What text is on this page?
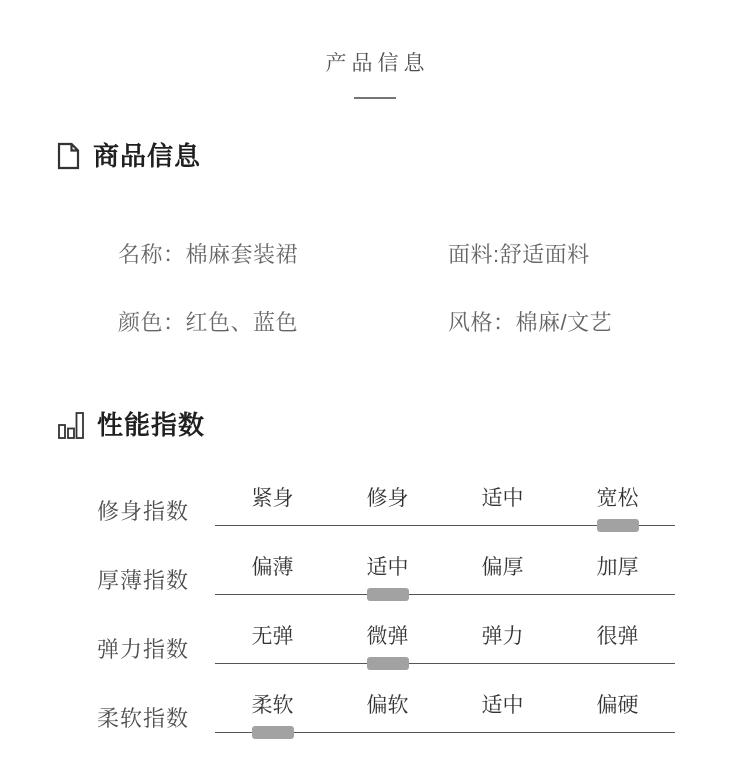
产品信息
商品信息
名称：棉麻套装裙	面料:舒适面料
颜色：红色、蓝色	风格：棉麻/文艺
性能指数
修身指数
紧身	修身	适中	宽松
厚薄指数
偏薄	适中	偏厚	加厚
弹力指数
无弹	微弹	弹力	很弹
柔软指数
柔软	偏软	适中	偏硬
